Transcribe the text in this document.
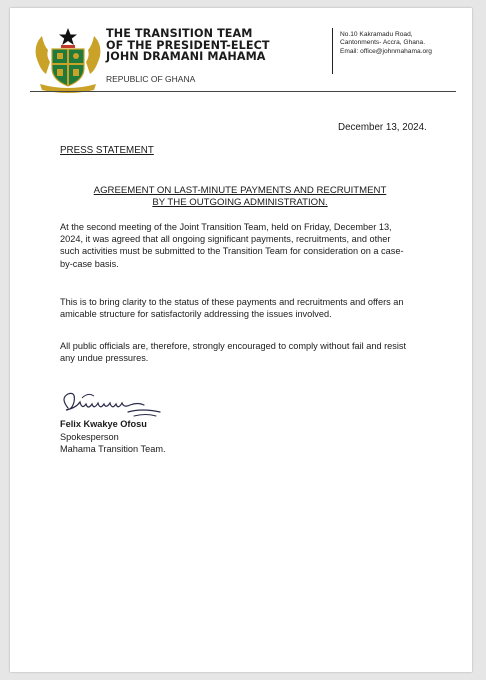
THE TRANSITION TEAM
OF THE PRESIDENT-ELECT
JOHN DRAMANI MAHAMA
REPUBLIC OF GHANA
No.10 Kakramadu Road,
Cantonments- Accra, Ghana.
Email: office@johnmahama.org
December 13, 2024.
PRESS STATEMENT
AGREEMENT ON LAST-MINUTE PAYMENTS AND RECRUITMENT
BY THE OUTGOING ADMINISTRATION.
At the second meeting of the Joint Transition Team, held on Friday, December 13,
2024, it was agreed that all ongoing significant payments, recruitments, and other
such activities must be submitted to the Transition Team for consideration on a case-
by-case basis.
This is to bring clarity to the status of these payments and recruitments and offers an
amicable structure for satisfactorily addressing the issues involved.
All public officials are, therefore, strongly encouraged to comply without fail and resist
any undue pressures.
Felix Kwakye Ofosu
Spokesperson
Mahama Transition Team.
